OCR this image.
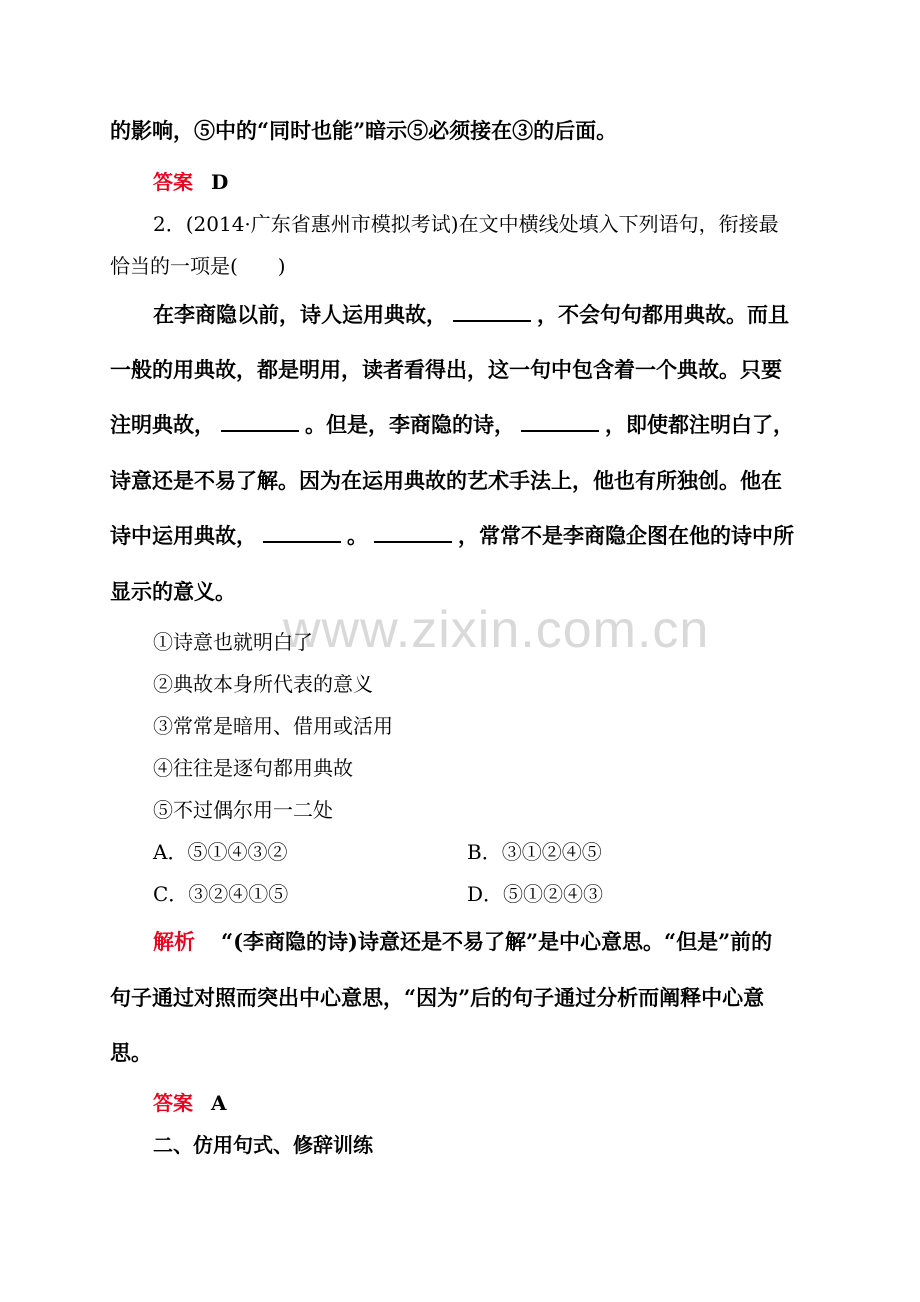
www.zixin.com.cn
的影响，⑤中的“同时也能”暗示⑤必须接在③的后面。
答案 D
2．(2014·广东省惠州市模拟考试)在文中横线处填入下列语句，衔接最
恰当的一项是(　　)
在李商隐以前，诗人运用典故，	，不会句句都用典故。而且
一般的用典故，都是明用，读者看得出，这一句中包含着一个典故。只要
注明典故，	。但是，李商隐的诗，	，即使都注明白了，
诗意还是不易了解。因为在运用典故的艺术手法上，他也有所独创。他在
诗中运用典故，	。	，常常不是李商隐企图在他的诗中所
显示的意义。
①诗意也就明白了
②典故本身所代表的意义
③常常是暗用、借用或活用
④往往是逐句都用典故
⑤不过偶尔用一二处
A．⑤①④③②	B．③①②④⑤
C．③②④①⑤	D．⑤①②④③
解析 “(李商隐的诗)诗意还是不易了解”是中心意思。“但是”前的
句子通过对照而突出中心意思，“因为”后的句子通过分析而阐释中心意
思。
答案 A
二、仿用句式、修辞训练
